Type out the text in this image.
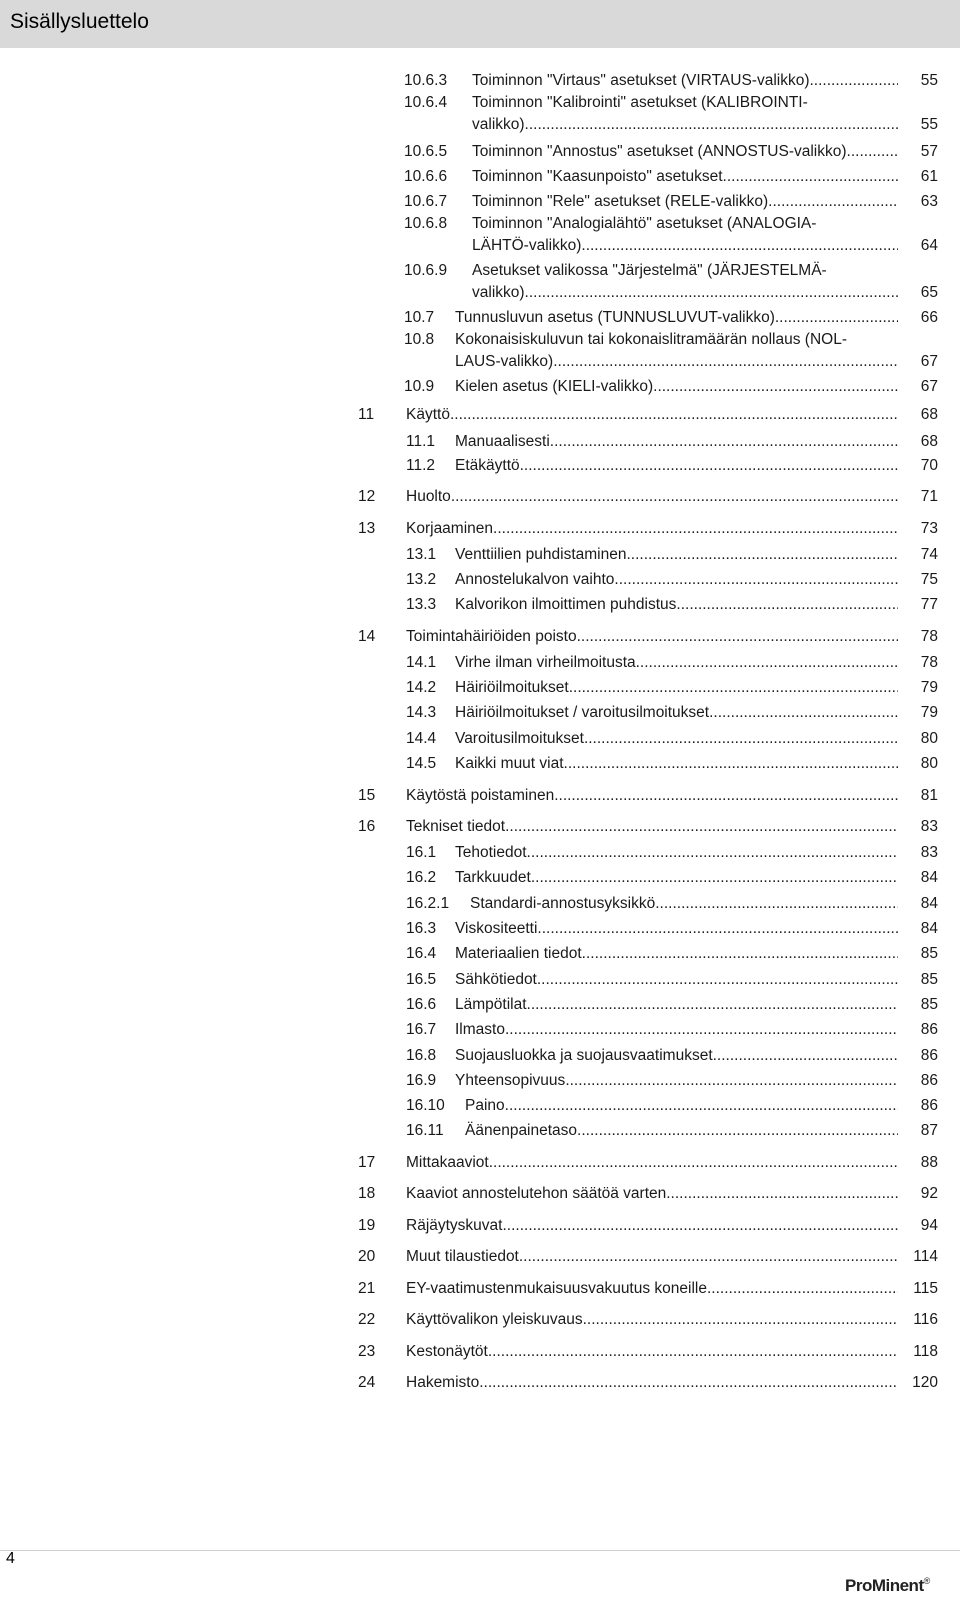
Sisällysluettelo
10.6.3 Toiminnon "Virtaus" asetukset (VIRTAUS-valikko) .....	55
10.6.4 Toiminnon "Kalibrointi" asetukset (KALIBROINTI-
valikko) .....	55
10.6.5 Toiminnon "Annostus" asetukset (ANNOSTUS-valikko). .....	57
10.6.6 Toiminnon "Kaasunpoisto" asetukset .....	61
10.6.7 Toiminnon "Rele" asetukset (RELE-valikko) .....	63
10.6.8 Toiminnon "Analogialähtö" asetukset (ANALOGIA-
LÄHTÖ-valikko) .....	64
10.6.9 Asetukset valikossa "Järjestelmä" (JÄRJESTELMÄ-
valikko) .....	65
10.7 Tunnusluvun asetus (TUNNUSLUVUT-valikko) .....	66
10.8 Kokonaisiskuluvun tai kokonaislitramäärän nollaus (NOL-
LAUS-valikko) .....	67
10.9 Kielen asetus (KIELI-valikko) .....	67
11 Käyttö .....	68
11.1 Manuaalisesti .....	68
11.2 Etäkäyttö .....	70
12 Huolto .....	71
13 Korjaaminen .....	73
13.1 Venttiilien puhdistaminen .....	74
13.2 Annostelukalvon vaihto .....	75
13.3 Kalvorikon ilmoittimen puhdistus .....	77
14 Toimintahäiriöiden poisto .....	78
14.1 Virhe ilman virheilmoitusta .....	78
14.2 Häiriöilmoitukset .....	79
14.3 Häiriöilmoitukset / varoitusilmoitukset .....	79
14.4 Varoitusilmoitukset .....	80
14.5 Kaikki muut viat .....	80
15 Käytöstä poistaminen .....	81
16 Tekniset tiedot .....	83
16.1 Tehotiedot .....	83
16.2 Tarkkuudet .....	84
16.2.1 Standardi-annostusyksikkö .....	84
16.3 Viskositeetti .....	84
16.4 Materiaalien tiedot .....	85
16.5 Sähkötiedot .....	85
16.6 Lämpötilat .....	85
16.7 Ilmasto .....	86
16.8 Suojausluokka ja suojausvaatimukset .....	86
16.9 Yhteensopivuus .....	86
16.10 Paino .....	86
16.11 Äänenpainetaso .....	87
17 Mittakaaviot .....	88
18 Kaaviot annostelutehon säätöä varten .....	92
19 Räjäytyskuvat .....	94
20 Muut tilaustiedot .....	114
21 EY-vaatimustenmukaisuusvakuutus koneille .....	115
22 Käyttövalikon yleiskuvaus .....	116
23 Kestonäytöt .....	118
24 Hakemisto .....	120
4
ProMinent®
